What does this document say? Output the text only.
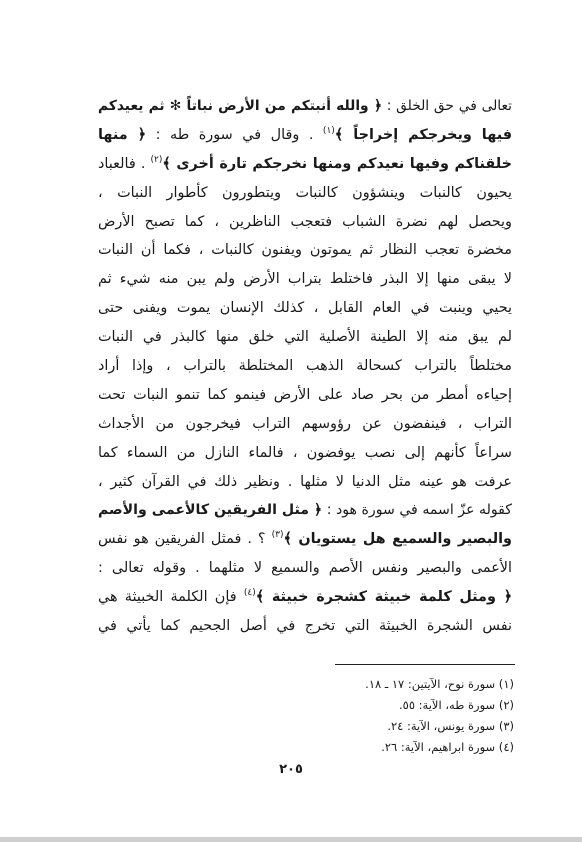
تعالى في حق الخلق : ﴿ والله أنبتكم من الأرض نباتاً ✻ ثم يعيدكم
فيها ويخرجكم إخراجاً ﴾$^{(١)}$ . وقال في سورة طه : ﴿ منها
خلقناكم وفيها نعيدكم ومنها نخرجكم تارة أخرى ﴾$^{(٢)}$ . فالعباد
يحيون كالنبات وينشؤون كالنبات ويتطورون كأطوار النبات ،
ويحصل لهم نضرة الشباب فتعجب الناظرين ، كما تصبح الأرض
مخضرة تعجب النظار ثم يموتون ويفنون كالنبات ، فكما أن النبات
لا يبقى منها إلا البذر فاختلط بتراب الأرض ولم يبن منه شيء ثم
يحيي وينبت في العام القابل ، كذلك الإنسان يموت ويفنى حتى
لم يبق منه إلا الطينة الأصلية التي خلق منها كالبذر في النبات
مختلطاً بالتراب كسحالة الذهب المختلطة بالتراب ، وإذا أراد
إحياءه أمطر من بحر صاد على الأرض فينمو كما تنمو النبات تحت
التراب ، فينفضون عن رؤوسهم التراب فيخرجون من الأجداث
سراعاً كأنهم إلى نصب يوفضون ، فالماء النازل من السماء كما
عرفت هو عينه مثل الدنيا لا مثلها . ونظير ذلك في القرآن كثير ،
كقوله عزّ اسمه في سورة هود : ﴿ مثل الفريقين كالأعمى والأصم
والبصير والسميع هل يستويان ﴾$^{(٣)}$ ؟ . فمثل الفريقين هو نفس
الأعمى والبصير ونفس الأصم والسميع لا مثلهما . وقوله تعالى :
﴿ ومثل كلمة خبيثة كشجرة خبيثة ﴾$^{(٤)}$ فإن الكلمة الخبيثة هي
نفس الشجرة الخبيثة التي تخرج في أصل الجحيم كما يأتي في
(١) سورة نوح، الآيتين: ١٧ ـ ١٨.
(٢) سورة طه، الآية: ٥٥.
(٣) سورة يونس، الآية: ٢٤.
(٤) سورة ابراهيم، الآية: ٢٦.
٢٠٥
